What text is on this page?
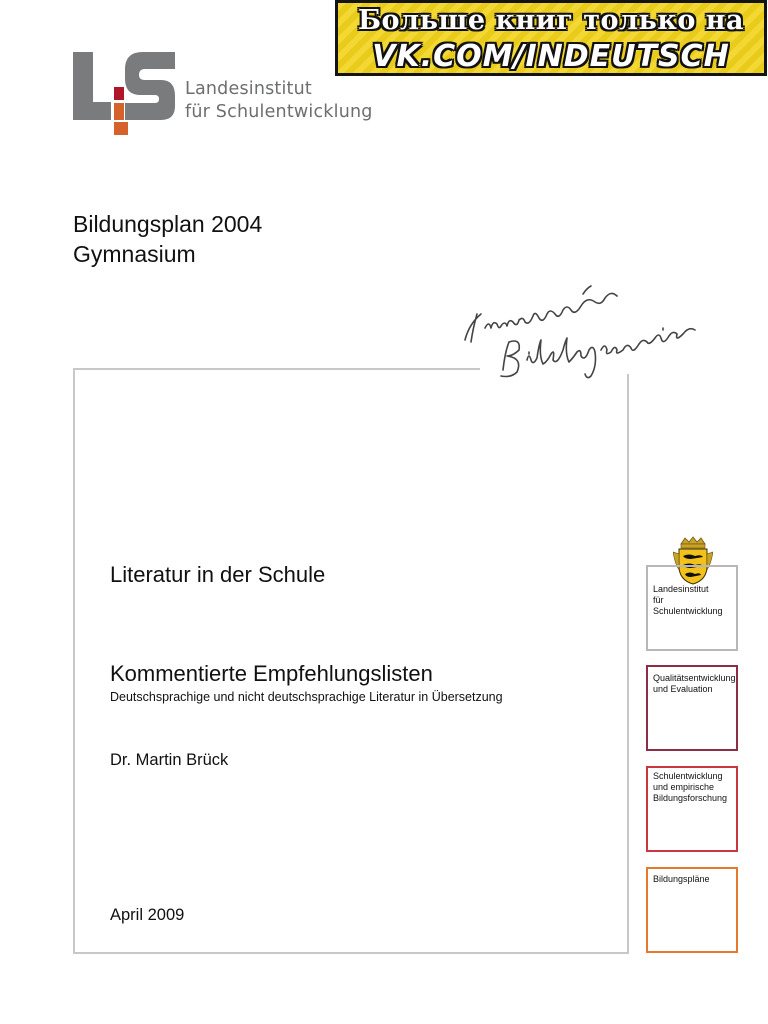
Больше книг только на
VK.COM/INDEUTSCH
Landesinstitut
für Schulentwicklung
Bildungsplan 2004
Gymnasium
Literatur in der Schule
Kommentierte Empfehlungslisten
Deutschsprachige und nicht deutschsprachige Literatur in Übersetzung
Dr. Martin Brück
April 2009
Landesinstitut
für Schulentwicklung
Qualitätsentwicklung
und Evaluation
Schulentwicklung
und empirische
Bildungsforschung
Bildungspläne
